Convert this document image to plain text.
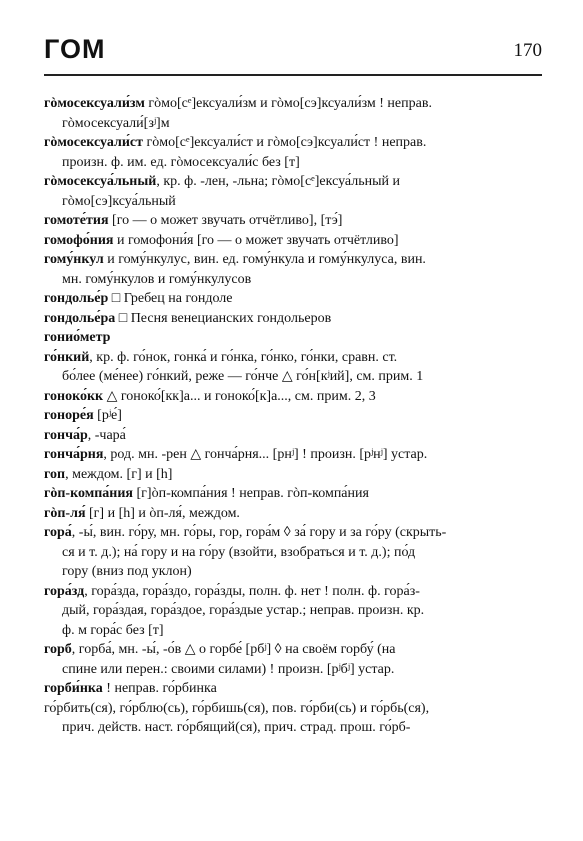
ГОМ	170
гòмосексуали́зм гòмо[сᵉ]ексуали́зм и гòмо[сэ]ксуали́зм ! неправ.
гòмосексуали́[зʲ]м
гòмосексуали́ст гòмо[сᵉ]ексуали́ст и гòмо[сэ]ксуали́ст ! неправ.
произн. ф. им. ед. гòмосексуали́с без [т]
гòмосексуа́льный, кр. ф. -лен, -льна; гòмо[сᵉ]ексуа́льный и
гòмо[сэ]ксуа́льный
гомоте́тия [го — о может звучать отчётливо], [тэ́]
гомофо́ния и гомофони́я [го — о может звучать отчётливо]
гому́нкул и гому́нкулус, вин. ед. гому́нкула и гому́нкулуса, вин.
мн. гому́нкулов и гому́нкулусов
гондолье́р □ Гребец на гондоле
гондолье́ра □ Песня венецианских гондольеров
гонио́метр
го́нкий, кр. ф. го́нок, гонка́ и го́нка, го́нко, го́нки, сравн. ст.
бо́лее (ме́нее) го́нкий, реже — го́нче △ го́н[кʲий], см. прим. 1
гоноко́кк △ гоноко́[кк]а... и гоноко́[к]а..., см. прим. 2, 3
гоноре́я [рʲе́]
гонча́р, -чара́
гонча́рня, род. мн. -рен △ гонча́рня... [рнʲ] ! произн. [рʲнʲ] устар.
гоп, междом. [г] и [h]
гòп-компа́ния [г]òп-компа́ния ! неправ. гòп-компа́ния
гòп-ля́ [г] и [h] и òп-ля́, междом.
гора́, -ы́, вин. го́ру, мн. го́ры, гор, гора́м ◊ за́ гору и за го́ру (скрыть-
ся и т. д.); на́ гору и на го́ру (взойти, взобраться и т. д.); по́д
гору (вниз под уклон)
гора́зд, гора́зда, гора́здо, гора́зды, полн. ф. нет ! полн. ф. гора́з-
дый, гора́здая, гора́здое, гора́здые устар.; неправ. произн. кр.
ф. м гора́с без [т]
горб, горба́, мн. -ы́, -о́в △ о горбе́ [рбʲ] ◊ на своём горбу́ (на
спине или перен.: своими силами) ! произн. [рʲбʲ] устар.
горби́нка ! неправ. го́рбинка
го́рбить(ся), го́рблю(сь), го́рбишь(ся), пов. го́рби(сь) и го́рбь(ся),
прич. действ. наст. го́рбящий(ся), прич. страд. прош. го́рб-
